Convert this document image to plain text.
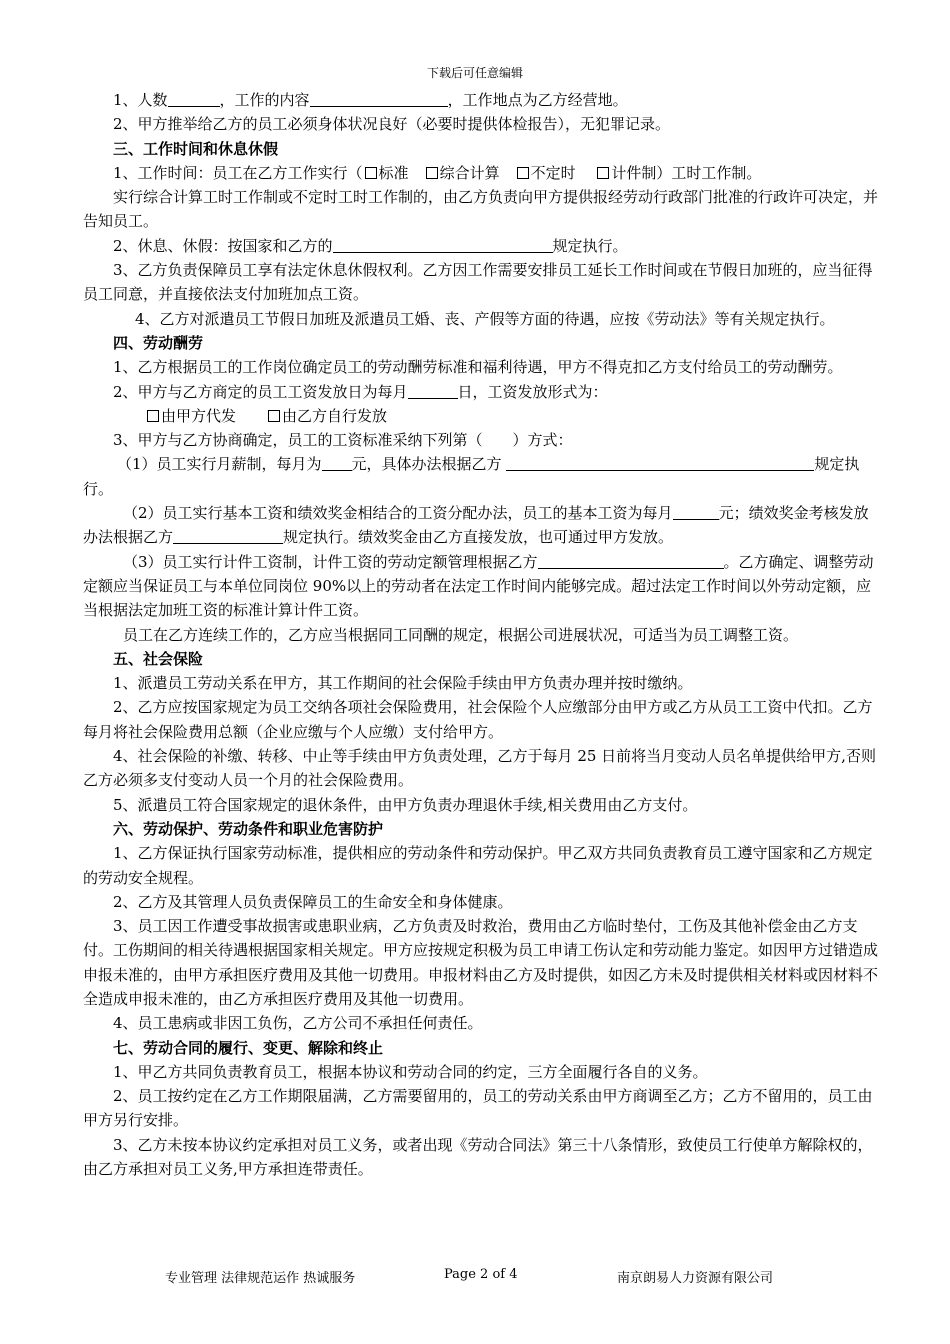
下载后可任意编辑

1、人数	，工作的内容	，工作地点为乙方经营地。

2、甲方推举给乙方的员工必须身体状况良好（必要时提供体检报告），无犯罪记录。

三、工作时间和休息休假

1、工作时间：员工在乙方工作实行（ 标准　 综合计算　 不定时　 计件制）工时工作制。

实行综合计算工时工作制或不定时工时工作制的，由乙方负责向甲方提供报经劳动行政部门批准的行政许可决定，并告知员工。

2、休息、休假：按国家和乙方的	规定执行。

3、乙方负责保障员工享有法定休息休假权利。乙方因工作需要安排员工延长工作时间或在节假日加班的，应当征得员工同意，并直接依法支付加班加点工资。

4、乙方对派遣员工节假日加班及派遣员工婚、丧、产假等方面的待遇，应按《劳动法》等有关规定执行。

四、劳动酬劳

1、乙方根据员工的工作岗位确定员工的劳动酬劳标准和福利待遇，甲方不得克扣乙方支付给员工的劳动酬劳。

2、甲方与乙方商定的员工工资发放日为每月	日，工资发放形式为：

由甲方代发	由乙方自行发放

3、甲方与乙方协商确定，员工的工资标准采纳下列第（　　）方式：

（1）员工实行月薪制，每月为 元，具体办法根据乙方	规定执行。

（2）员工实行基本工资和绩效奖金相结合的工资分配办法，员工的基本工资为每月	元；绩效奖金考核发放办法根据乙方	规定执行。绩效奖金由乙方直接发放，也可通过甲方发放。

（3）员工实行计件工资制，计件工资的劳动定额管理根据乙方	。乙方确定、调整劳动定额应当保证员工与本单位同岗位 90%以上的劳动者在法定工作时间内能够完成。超过法定工作时间以外劳动定额，应当根据法定加班工资的标准计算计件工资。

员工在乙方连续工作的，乙方应当根据同工同酬的规定，根据公司进展状况，可适当为员工调整工资。

五、社会保险

1、派遣员工劳动关系在甲方，其工作期间的社会保险手续由甲方负责办理并按时缴纳。

2、乙方应按国家规定为员工交纳各项社会保险费用，社会保险个人应缴部分由甲方或乙方从员工工资中代扣。乙方每月将社会保险费用总额（企业应缴与个人应缴）支付给甲方。

4、社会保险的补缴、转移、中止等手续由甲方负责处理，乙方于每月 25 日前将当月变动人员名单提供给甲方,否则乙方必须多支付变动人员一个月的社会保险费用。

5、派遣员工符合国家规定的退休条件，由甲方负责办理退休手续,相关费用由乙方支付。

六、劳动保护、劳动条件和职业危害防护

1、乙方保证执行国家劳动标准，提供相应的劳动条件和劳动保护。甲乙双方共同负责教育员工遵守国家和乙方规定的劳动安全规程。

2、乙方及其管理人员负责保障员工的生命安全和身体健康。

3、员工因工作遭受事故损害或患职业病，乙方负责及时救治，费用由乙方临时垫付，工伤及其他补偿金由乙方支付。工伤期间的相关待遇根据国家相关规定。甲方应按规定积极为员工申请工伤认定和劳动能力鉴定。如因甲方过错造成申报未准的，由甲方承担医疗费用及其他一切费用。申报材料由乙方及时提供，如因乙方未及时提供相关材料或因材料不全造成申报未准的，由乙方承担医疗费用及其他一切费用。

4、员工患病或非因工负伤，乙方公司不承担任何责任。

七、劳动合同的履行、变更、解除和终止

1、甲乙方共同负责教育员工，根据本协议和劳动合同的约定，三方全面履行各自的义务。

2、员工按约定在乙方工作期限届满，乙方需要留用的，员工的劳动关系由甲方商调至乙方；乙方不留用的，员工由甲方另行安排。

3、乙方未按本协议约定承担对员工义务，或者出现《劳动合同法》第三十八条情形，致使员工行使单方解除权的，由乙方承担对员工义务,甲方承担连带责任。

专业管理 法律规范运作 热诚服务	Page 2 of 4	南京朗易人力资源有限公司
